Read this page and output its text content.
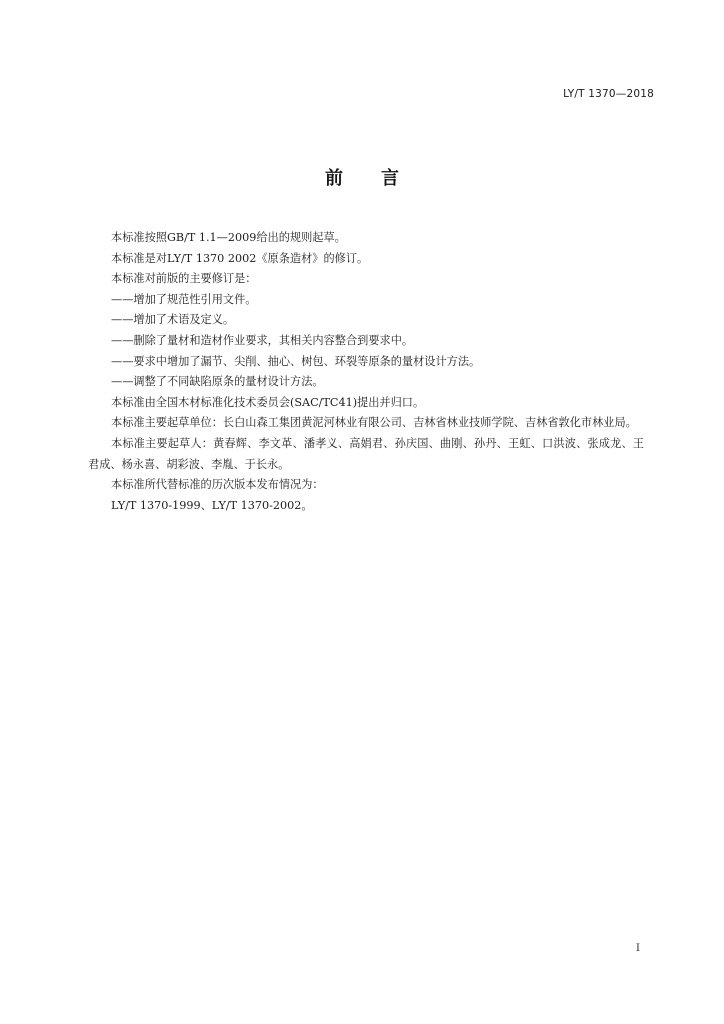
LY/T 1370—2018
前 言

本标准按照GB/T 1.1—2009给出的规则起草。

本标准是对LY/T 1370 2002《原条造材》的修订。

本标准对前版的主要修订是：

——增加了规范性引用文件。

——增加了术语及定义。

——删除了量材和造材作业要求，其相关内容整合到要求中。

——要求中增加了漏节、尖削、抽心、树包、环裂等原条的量材设计方法。

——调整了不同缺陷原条的量材设计方法。

本标准由全国木材标准化技术委员会(SAC/TC41)提出并归口。

本标准主要起草单位：长白山森工集团黄泥河林业有限公司、吉林省林业技师学院、吉林省敦化市林业局。

本标准主要起草人：黄春辉、李文革、潘孝义、高娟君、孙庆国、曲刚、孙丹、王虹、口洪波、张成龙、王君成、杨永喜、胡彩波、李胤、于长永。

本标准所代替标准的历次版本发布情况为：

LY/T 1370-1999、LY/T 1370-2002。

I
